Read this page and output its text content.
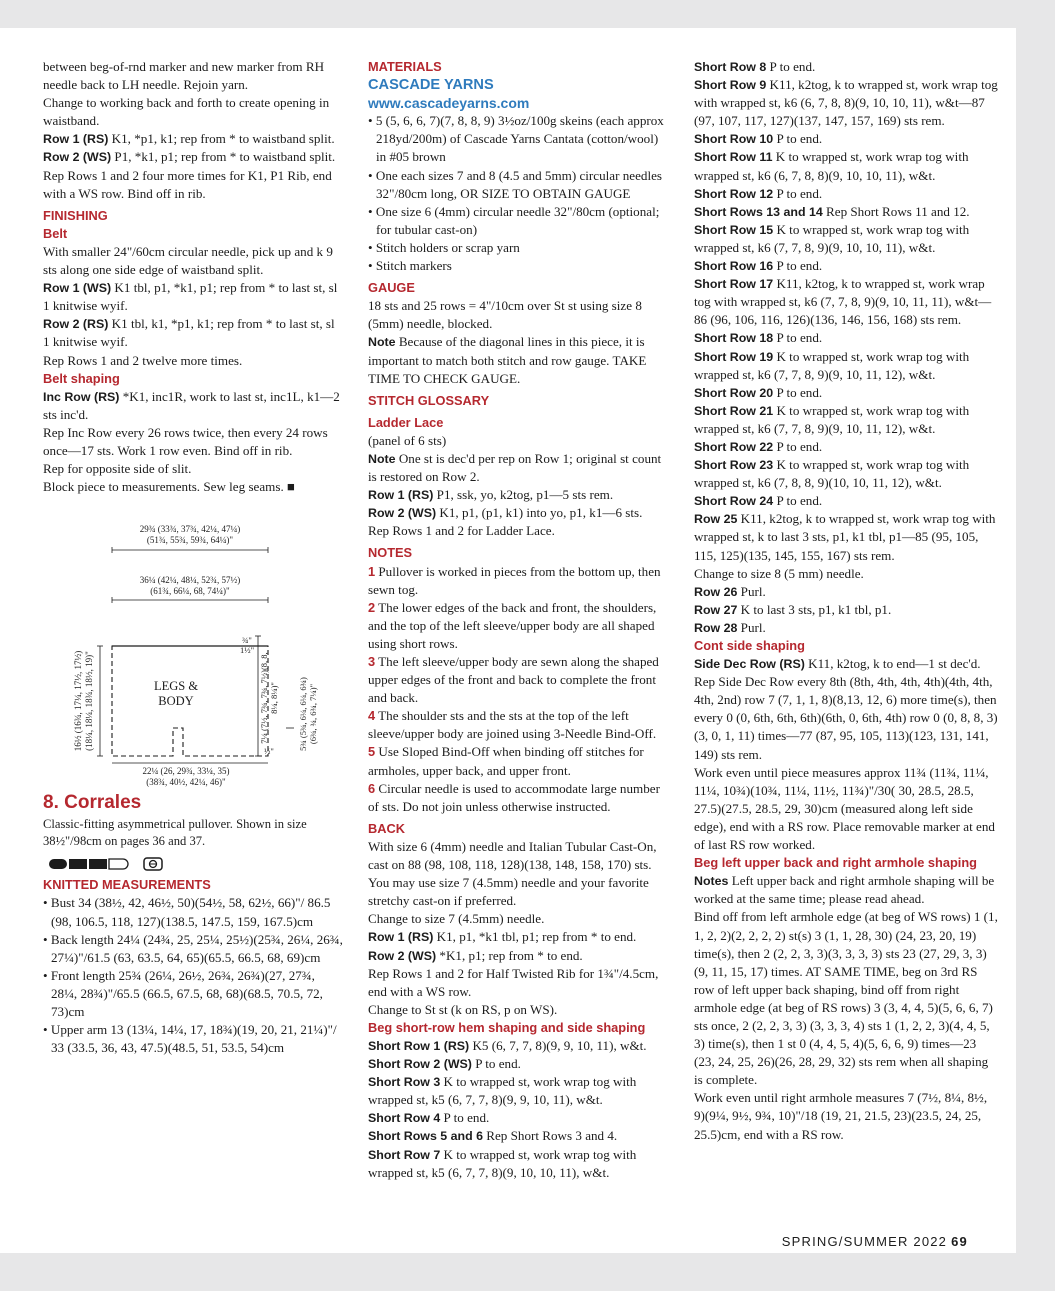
between beg-of-rnd marker and new marker from RH needle back to LH needle. Rejoin yarn.

Change to working back and forth to create opening in waistband.

Row 1 (RS) K1, *p1, k1; rep from * to waistband split.

Row 2 (WS) P1, *k1, p1; rep from * to waistband split.

Rep Rows 1 and 2 four more times for K1, P1 Rib, end with a WS row. Bind off in rib.

FINISHING

Belt

With smaller 24"/60cm circular needle, pick up and k 9 sts along one side edge of waistband split.

Row 1 (WS) K1 tbl, p1, *k1, p1; rep from * to last st, sl 1 knitwise wyif.

Row 2 (RS) K1 tbl, k1, *p1, k1; rep from * to last st, sl 1 knitwise wyif.

Rep Rows 1 and 2 twelve more times.

Belt shaping

Inc Row (RS) *K1, inc1R, work to last st, inc1L, k1—2 sts inc'd.

Rep Inc Row every 26 rows twice, then every 24 rows once—17 sts. Work 1 row even. Bind off in rib.

Rep for opposite side of slit.

Block piece to measurements. Sew leg seams. ■

8. Corrales

Classic-fitting asymmetrical pullover. Shown in size 38½"/98cm on pages 36 and 37.

KNITTED MEASUREMENTS

• Bust 34 (38½, 42, 46½, 50)(54½, 58, 62½, 66)"/ 86.5 (98, 106.5, 118, 127)(138.5, 147.5, 159, 167.5)cm
• Back length 24¼ (24¾, 25, 25¼, 25½)(25¾, 26¼, 26¾, 27¼)"/61.5 (63, 63.5, 64, 65)(65.5, 66.5, 68, 69)cm
• Front length 25¾ (26¼, 26½, 26¾, 26¾)(27, 27¾, 28¼, 28¾)"/65.5 (66.5, 67.5, 68, 68)(68.5, 70.5, 72, 73)cm
• Upper arm 13 (13¼, 14¼, 17, 18¾)(19, 20, 21, 21¼)"/ 33 (33.5, 36, 43, 47.5)(48.5, 51, 53.5, 54)cm
29¾ (33¾, 37¾, 42¼, 47¼)
(51¾, 55¾, 59¾, 64¼)"
36¼ (42¼, 48¼, 52¾, 57½)
(61¾, 66¼, 68, 74¼)"
LEGS &
BODY
16½ (16¾, 17¼, 17½, 17½) (18¼, 18¼, 18¾, 18½, 19)"
¾"
1½"
7¼ (7½, 7¾, 7¾, 7½)(8, 8, 8¼, 8¼)"
½"
5¾ (5¾, 6¼, 6¼, 6¾) (6¾, ¾, 6¾, 7¼)"
22¼ (26, 29¾, 33¼, 35)
(38¾, 40½, 42¼, 46)"

MATERIALS

CASCADE YARNS

www.cascadeyarns.com

• 5 (5, 6, 6, 7)(7, 8, 8, 9) 3½oz/100g skeins (each approx 218yd/200m) of Cascade Yarns Cantata (cotton/wool) in #05 brown
• One each sizes 7 and 8 (4.5 and 5mm) circular needles 32"/80cm long, OR SIZE TO OBTAIN GAUGE
• One size 6 (4mm) circular needle 32"/80cm (optional; for tubular cast-on)
• Stitch holders or scrap yarn
• Stitch markers

GAUGE

18 sts and 25 rows = 4"/10cm over St st using size 8 (5mm) needle, blocked.

Note Because of the diagonal lines in this piece, it is important to match both stitch and row gauge. TAKE TIME TO CHECK GAUGE.

STITCH GLOSSARY

Ladder Lace

(panel of 6 sts)

Note One st is dec'd per rep on Row 1; original st count is restored on Row 2.

Row 1 (RS) P1, ssk, yo, k2tog, p1—5 sts rem.

Row 2 (WS) K1, p1, (p1, k1) into yo, p1, k1—6 sts.

Rep Rows 1 and 2 for Ladder Lace.

NOTES

1 Pullover is worked in pieces from the bottom up, then sewn tog.

2 The lower edges of the back and front, the shoulders, and the top of the left sleeve/upper body are all shaped using short rows.

3 The left sleeve/upper body are sewn along the shaped upper edges of the front and back to complete the front and back.

4 The shoulder sts and the sts at the top of the left sleeve/upper body are joined using 3-Needle Bind-Off.

5 Use Sloped Bind-Off when binding off stitches for armholes, upper back, and upper front.

6 Circular needle is used to accommodate large number of sts. Do not join unless otherwise instructed.

BACK

With size 6 (4mm) needle and Italian Tubular Cast-On, cast on 88 (98, 108, 118, 128)(138, 148, 158, 170) sts. You may use size 7 (4.5mm) needle and your favorite stretchy cast-on if preferred.

Change to size 7 (4.5mm) needle.

Row 1 (RS) K1, p1, *k1 tbl, p1; rep from * to end.

Row 2 (WS) *K1, p1; rep from * to end.

Rep Rows 1 and 2 for Half Twisted Rib for 1¾"/4.5cm, end with a WS row.

Change to St st (k on RS, p on WS).

Beg short-row hem shaping and side shaping

Short Row 1 (RS) K5 (6, 7, 7, 8)(9, 9, 10, 11), w&t.

Short Row 2 (WS) P to end.

Short Row 3 K to wrapped st, work wrap tog with wrapped st, k5 (6, 7, 7, 8)(9, 9, 10, 11), w&t.

Short Row 4 P to end.

Short Rows 5 and 6 Rep Short Rows 3 and 4.

Short Row 7 K to wrapped st, work wrap tog with wrapped st, k5 (6, 7, 7, 8)(9, 10, 10, 11), w&t.

Short Row 8 P to end.

Short Row 9 K11, k2tog, k to wrapped st, work wrap tog with wrapped st, k6 (6, 7, 8, 8)(9, 10, 10, 11), w&t—87 (97, 107, 117, 127)(137, 147, 157, 169) sts rem.

Short Row 10 P to end.

Short Row 11 K to wrapped st, work wrap tog with wrapped st, k6 (6, 7, 8, 8)(9, 10, 10, 11), w&t.

Short Row 12 P to end.

Short Rows 13 and 14 Rep Short Rows 11 and 12.

Short Row 15 K to wrapped st, work wrap tog with wrapped st, k6 (7, 7, 8, 9)(9, 10, 10, 11), w&t.

Short Row 16 P to end.

Short Row 17 K11, k2tog, k to wrapped st, work wrap tog with wrapped st, k6 (7, 7, 8, 9)(9, 10, 11, 11), w&t—86 (96, 106, 116, 126)(136, 146, 156, 168) sts rem.

Short Row 18 P to end.

Short Row 19 K to wrapped st, work wrap tog with wrapped st, k6 (7, 7, 8, 9)(9, 10, 11, 12), w&t.

Short Row 20 P to end.

Short Row 21 K to wrapped st, work wrap tog with wrapped st, k6 (7, 7, 8, 9)(9, 10, 11, 12), w&t.

Short Row 22 P to end.

Short Row 23 K to wrapped st, work wrap tog with wrapped st, k6 (7, 8, 8, 9)(10, 10, 11, 12), w&t.

Short Row 24 P to end.

Row 25 K11, k2tog, k to wrapped st, work wrap tog with wrapped st, k to last 3 sts, p1, k1 tbl, p1—85 (95, 105, 115, 125)(135, 145, 155, 167) sts rem.

Change to size 8 (5 mm) needle.

Row 26 Purl.

Row 27 K to last 3 sts, p1, k1 tbl, p1.

Row 28 Purl.

Cont side shaping

Side Dec Row (RS) K11, k2tog, k to end—1 st dec'd.

Rep Side Dec Row every 8th (8th, 4th, 4th, 4th)(4th, 4th, 4th, 2nd) row 7 (7, 1, 1, 8)(8,13, 12, 6) more time(s), then every 0 (0, 6th, 6th, 6th)(6th, 0, 6th, 4th) row 0 (0, 8, 8, 3)(3, 0, 1, 11) times—77 (87, 95, 105, 113)(123, 131, 141, 149) sts rem.

Work even until piece measures approx 11¾ (11¾, 11¼, 11¼, 10¾)(10¾, 11¼, 11½, 11¾)"/30( 30, 28.5, 28.5, 27.5)(27.5, 28.5, 29, 30)cm (measured along left side edge), end with a RS row. Place removable marker at end of last RS row worked.

Beg left upper back and right armhole shaping

Notes Left upper back and right armhole shaping will be worked at the same time; please read ahead.

Bind off from left armhole edge (at beg of WS rows) 1 (1, 1, 2, 2)(2, 2, 2, 2) st(s) 3 (1, 1, 28, 30) (24, 23, 20, 19) time(s), then 2 (2, 2, 3, 3)(3, 3, 3, 3) sts 23 (27, 29, 3, 3)(9, 11, 15, 17) times. AT SAME TIME, beg on 3rd RS row of left upper back shaping, bind off from right armhole edge (at beg of RS rows) 3 (3, 4, 4, 5)(5, 6, 6, 7) sts once, 2 (2, 2, 3, 3) (3, 3, 3, 4) sts 1 (1, 2, 2, 3)(4, 4, 5, 3) time(s), then 1 st 0 (4, 4, 5, 4)(5, 6, 6, 9) times—23 (23, 24, 25, 26)(26, 28, 29, 32) sts rem when all shaping is complete.

Work even until right armhole measures 7 (7½, 8¼, 8½, 9)(9¼, 9½, 9¾, 10)"/18 (19, 21, 21.5, 23)(23.5, 24, 25, 25.5)cm, end with a RS row.

SPRING/SUMMER 2022 69
